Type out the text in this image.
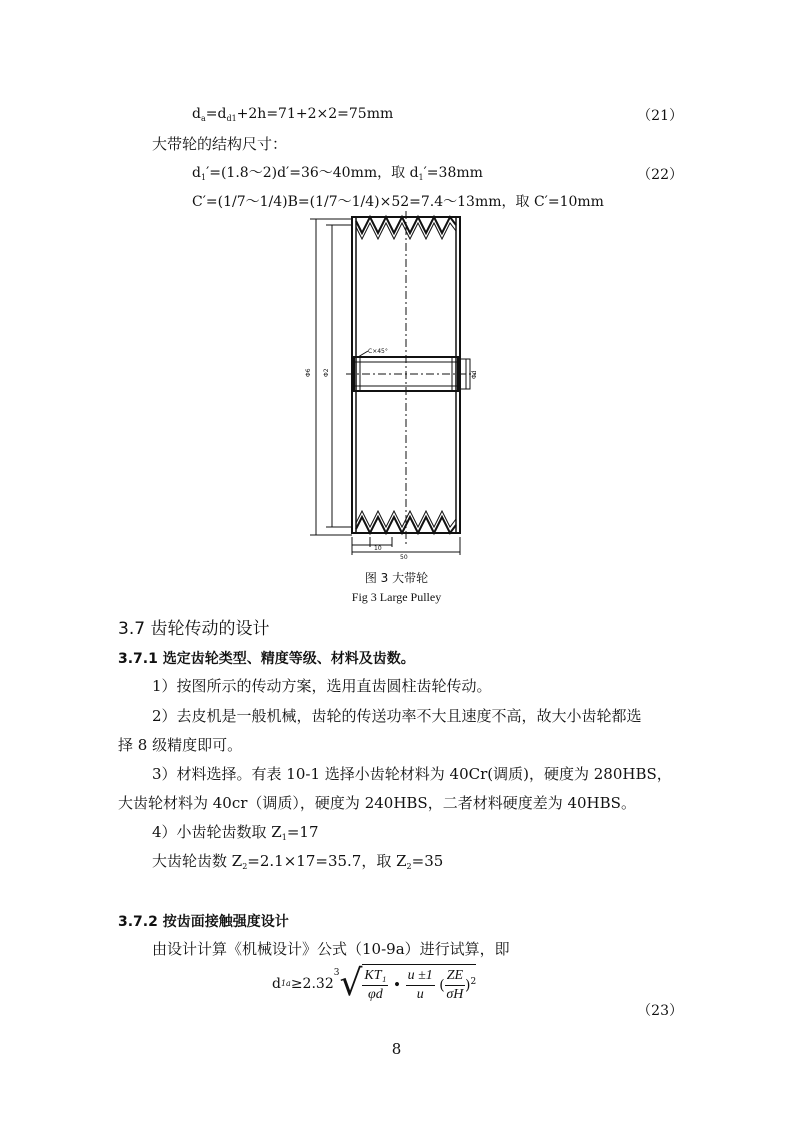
$d_a=d_{d1}+2h=71+2\times 2=75mm$	（21）
大带轮的结构尺寸：
$d_1'=(1.8\sim 2)d'=36\sim 40mm$，取 $d_1'=38mm$	（22）
C′=(1/7～1/4)B=(1/7～1/4)×52=7.4～13mm，取 C′=10mm
Φ6 Φ2
C×45°
Φd
10
50
图 3 大带轮
Fig 3 Large Pulley
3.7 齿轮传动的设计
3.7.1 选定齿轮类型、精度等级、材料及齿数。
1）按图所示的传动方案，选用直齿圆柱齿轮传动。
2）去皮机是一般机械，齿轮的传送功率不大且速度不高，故大小齿轮都选
择 8 级精度即可。
3）材料选择。有表 10-1 选择小齿轮材料为 40Cr(调质)，硬度为 280HBS，
大齿轮材料为 40cr（调质），硬度为 240HBS，二者材料硬度差为 40HBS。
4）小齿轮齿数取 $Z_1=17$
大齿轮齿数 $Z_2=2.1\times 17=35.7$，取 $Z_2=35$
3.7.2 按齿面接触强度设计
由设计计算《机械设计》公式（10-9a）进行试算，即
$d1a\ge 2.32^3√ \frac{\text{KT₁}}{\varphi d}$ • $\frac{u \pm 1}{u}$ ( $\frac{ZE}{\sigma H} )^2$
（23）
8
